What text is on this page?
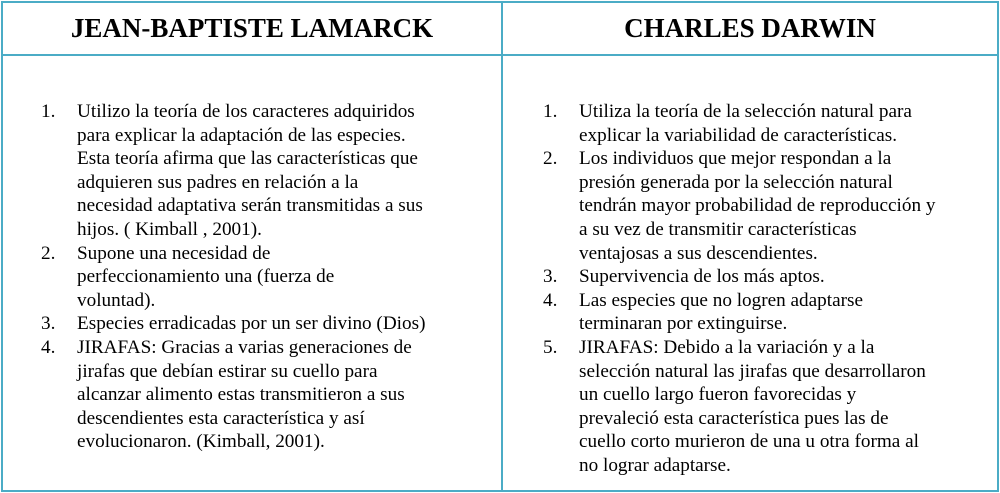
JEAN-BAPTISTE LAMARCK
1.	Utilizo la teoría de los caracteres adquiridos
para explicar la adaptación de las especies.
Esta teoría afirma que las características que
adquieren sus padres en relación a la
necesidad adaptativa serán transmitidas a sus
hijos. ( Kimball , 2001).
2.	Supone una necesidad de
perfeccionamiento una (fuerza de
voluntad).
3.	Especies erradicadas por un ser divino (Dios)
4.	JIRAFAS: Gracias a varias generaciones de
jirafas que debían estirar su cuello para
alcanzar alimento estas transmitieron a sus
descendientes esta característica y así
evolucionaron. (Kimball, 2001).
CHARLES DARWIN
1.	Utiliza la teoría de la selección natural para
explicar la variabilidad de características.
2.	Los individuos que mejor respondan a la
presión generada por la selección natural
tendrán mayor probabilidad de reproducción y
a su vez de transmitir características
ventajosas a sus descendientes.
3.	Supervivencia de los más aptos.
4.	Las especies que no logren adaptarse
terminaran por extinguirse.
5.	JIRAFAS: Debido a la variación y a la
selección natural las jirafas que desarrollaron
un cuello largo fueron favorecidas y
prevaleció esta característica pues las de
cuello corto murieron de una u otra forma al
no lograr adaptarse.
